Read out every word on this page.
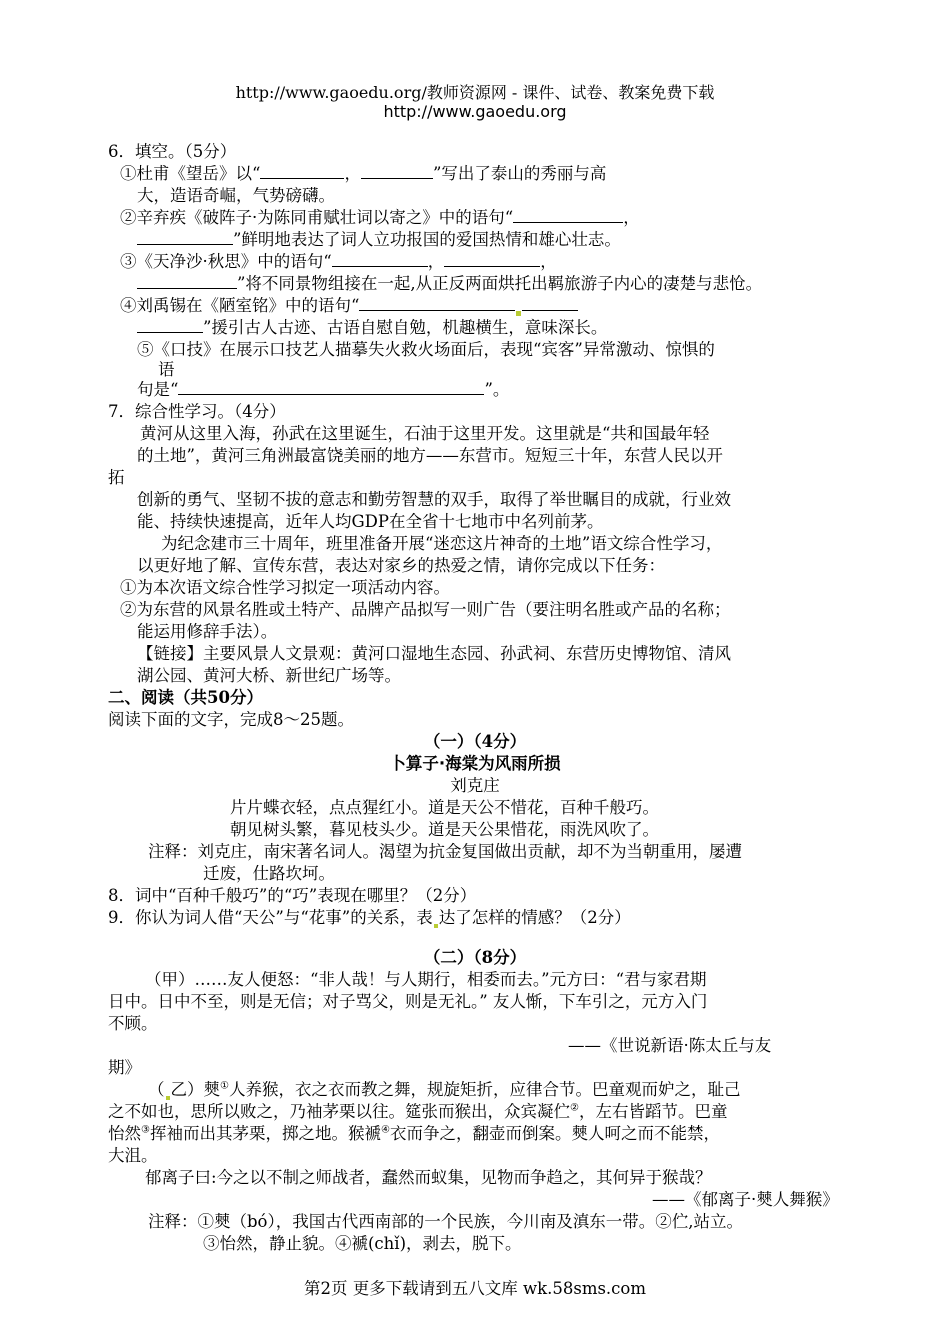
http://www.gaoedu.org/教师资源网 - 课件、试卷、教案免费下载
http://www.gaoedu.org
6．填空。（5分）
①杜甫《望岳》以“	，	”写出了泰山的秀丽与高
大，造语奇崛，气势磅礴。
②辛弃疾《破阵子·为陈同甫赋壮词以寄之》中的语句“	，
”鲜明地表达了词人立功报国的爱国热情和雄心壮志。
③《天净沙·秋思》中的语句“	，	，
”将不同景物组接在一起,从正反两面烘托出羁旅游子内心的凄楚与悲怆。
④刘禹锡在《陋室铭》中的语句“
”援引古人古迹、古语自慰自勉，机趣横生，意味深长。
⑤《口技》在展示口技艺人描摹失火救火场面后，表现“宾客”异常激动、惊惧的
语
句是“	”。
7．综合性学习。（4分）
黄河从这里入海，孙武在这里诞生，石油于这里开发。这里就是“共和国最年轻
的土地”，黄河三角洲最富饶美丽的地方——东营市。短短三十年，东营人民以开
拓
创新的勇气、坚韧不拔的意志和勤劳智慧的双手，取得了举世瞩目的成就，行业效
能、持续快速提高，近年人均GDP在全省十七地市中名列前茅。
为纪念建市三十周年，班里准备开展“迷恋这片神奇的土地”语文综合性学习，
以更好地了解、宣传东营，表达对家乡的热爱之情，请你完成以下任务：
①为本次语文综合性学习拟定一项活动内容。
②为东营的风景名胜或土特产、品牌产品拟写一则广告（要注明名胜或产品的名称；
能运用修辞手法）。
【链接】主要风景人文景观：黄河口湿地生态园、孙武祠、东营历史博物馆、清风
湖公园、黄河大桥、新世纪广场等。
二、阅读（共50分）
阅读下面的文字，完成8～25题。
（一）（4分）
卜算子·海棠为风雨所损
刘克庄
片片蝶衣轻，点点猩红小。道是天公不惜花，百种千般巧。
朝见树头繁，暮见枝头少。道是天公果惜花，雨洗风吹了。
注释：刘克庄，南宋著名词人。渴望为抗金复国做出贡献，却不为当朝重用，屡遭
迁废，仕路坎坷。
8．词中“百种千般巧”的“巧”表现在哪里？（2分）
9．你认为词人借“天公”与“花事”的关系，表 达了怎样的情感？（2分）
（二）（8分）
（甲）……友人便怒：“非人哉！与人期行，相委而去。”元方曰：“君与家君期
日中。日中不至，则是无信；对子骂父，则是无礼。” 友人惭，下车引之，元方入门
不顾。
——《世说新语·陈太丘与友
期》
（ 乙）僰①人养猴，衣之衣而教之舞，规旋矩折，应律合节。巴童观而妒之，耻己
之不如也，思所以败之，乃袖茅栗以往。筵张而猴出，众宾凝伫②，左右皆蹈节。巴童
怡然③挥袖而出其茅栗，掷之地。猴褫④衣而争之，翻壶而倒案。僰人呵之而不能禁，
大沮。
郁离子曰:今之以不制之师战者，蠢然而蚁集，见物而争趋之，其何异于猴哉？
——《郁离子·僰人舞猴》
注释：①僰（bó），我国古代西南部的一个民族，今川南及滇东一带。②伫,站立。
③怡然，静止貌。④褫(chǐ)，剥去，脱下。
第2页 更多下载请到五八文库 wk.58sms.com
